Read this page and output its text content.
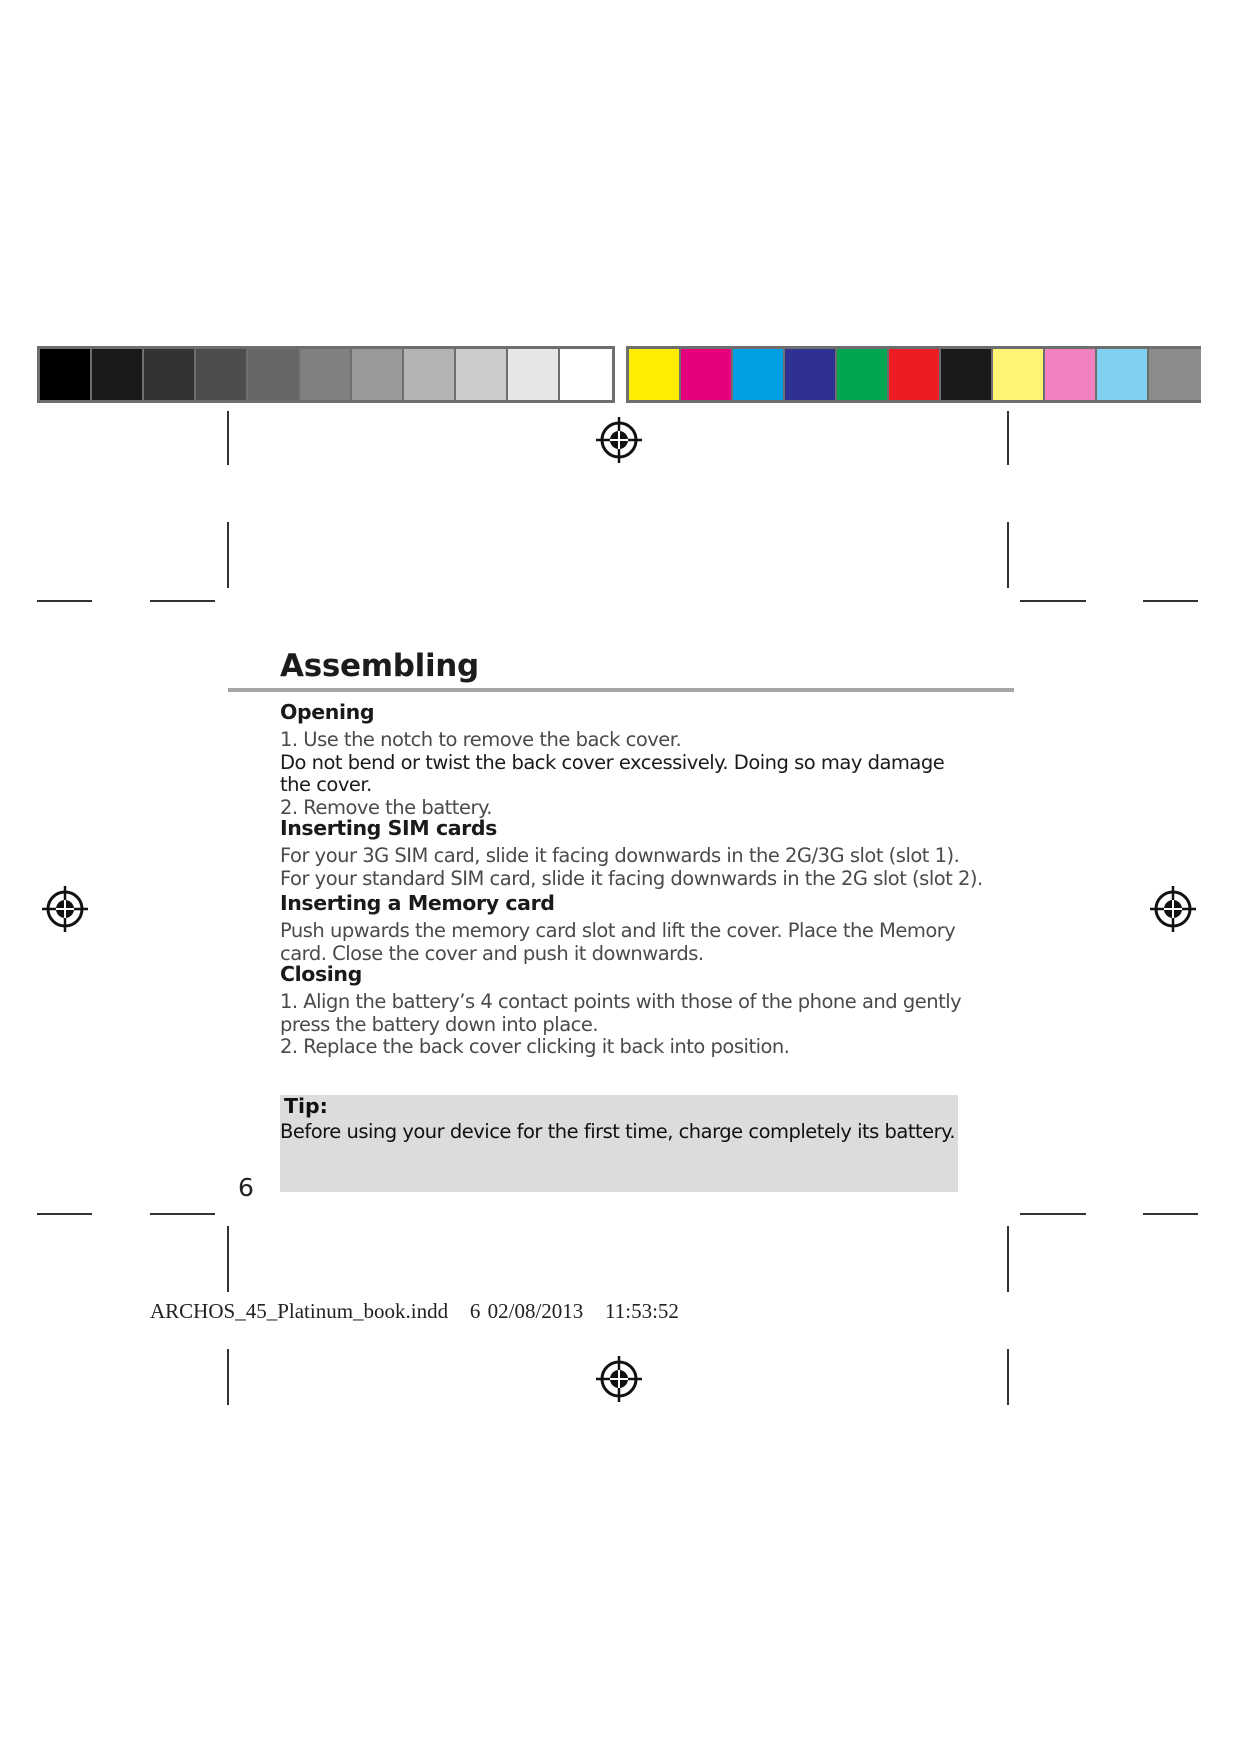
Assembling
Opening
1. Use the notch to remove the back cover.
Do not bend or twist the back cover excessively. Doing so may damage
the cover.
2. Remove the battery.
Inserting SIM cards
For your 3G SIM card, slide it facing downwards in the 2G/3G slot (slot 1).
For your standard SIM card, slide it facing downwards in the 2G slot (slot 2).
Inserting a Memory card
Push upwards the memory card slot and lift the cover. Place the Memory
card. Close the cover and push it downwards.
Closing
1. Align the battery’s 4 contact points with those of the phone and gently
press the battery down into place.
2. Replace the back cover clicking it back into position.
Tip:
Before using your device for the first time, charge completely its battery.
6
ARCHOS_45_Platinum_book.indd 6 02/08/2013 11:53:52
